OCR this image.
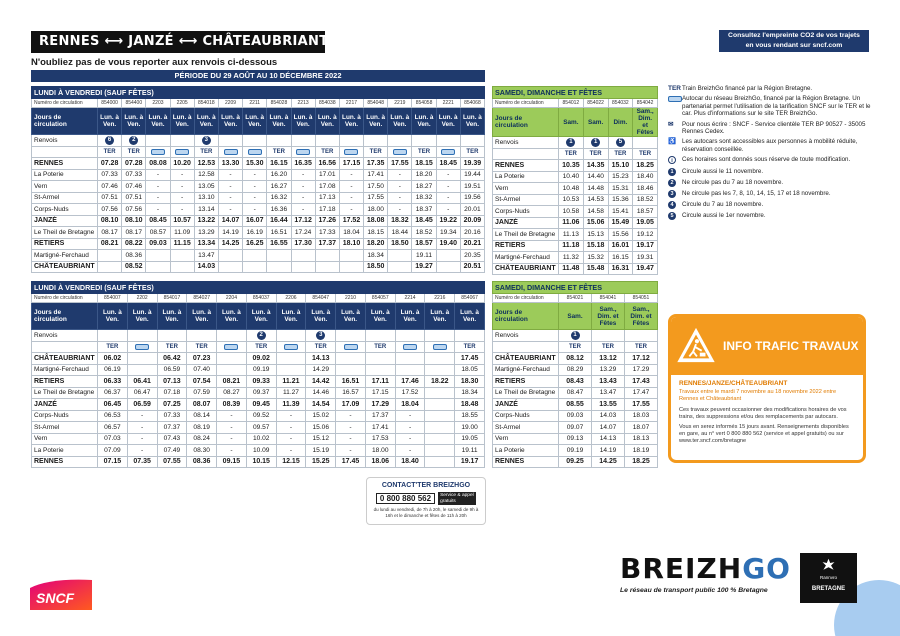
RENNES ⟷ JANZÉ ⟷ CHÂTEAUBRIANT
N'oubliez pas de vous reporter aux renvois ci-dessous
Consultez l'empreinte CO2 de vos trajets
en vous rendant sur sncf.com
PÉRIODE DU 29 AOÛT AU 10 DÉCEMBRE 2022
LUNDI À VENDREDI (SAUF FÊTES)																
Numéro de circulation	854000	854400	2203	2205	854018	2209	2211	854028	2213	854038	2217	854048	2219	854058	2221	854068
Jours de circulation	Lun. à Ven.	Lun. à Ven.	Lun. à Ven.	Lun. à Ven.	Lun. à Ven.	Lun. à Ven.	Lun. à Ven.	Lun. à Ven.	Lun. à Ven.	Lun. à Ven.	Lun. à Ven.	Lun. à Ven.	Lun. à Ven.	Lun. à Ven.	Lun. à Ven.	Lun. à Ven.
Renvois	6	2			3											
	TER	TER			TER			TER		TER		TER		TER		TER
RENNES	07.28	07.28	08.08	10.20	12.53	13.30	15.30	16.15	16.35	16.56	17.15	17.35	17.55	18.15	18.45	19.39
La Poterie	07.33	07.33	-	-	12.58	-	-	16.20	-	17.01	-	17.41	-	18.20	-	19.44
Vern	07.46	07.46	-	-	13.05	-	-	16.27	-	17.08	-	17.50	-	18.27	-	19.51
St-Armel	07.51	07.51	-	-	13.10	-	-	16.32	-	17.13	-	17.55	-	18.32	-	19.56
Corps-Nuds	07.56	07.56	-	-	13.14	-	-	16.36	-	17.18	-	18.00	-	18.37	-	20.01
JANZÉ	08.10	08.10	08.45	10.57	13.22	14.07	16.07	16.44	17.12	17.26	17.52	18.08	18.32	18.45	19.22	20.09
Le Theil de Bretagne	08.17	08.17	08.57	11.09	13.29	14.19	16.19	16.51	17.24	17.33	18.04	18.15	18.44	18.52	19.34	20.16
RETIERS	08.21	08.22	09.03	11.15	13.34	14.25	16.25	16.55	17.30	17.37	18.10	18.20	18.50	18.57	19.40	20.21
Martigné-Ferchaud		08.36			13.47							18.34		19.11		20.35
CHÂTEAUBRIANT		08.52			14.03							18.50		19.27		20.51
SAMEDI, DIMANCHE ET FÊTES				
Numéro de circulation	854012	854022	854032	854042
Jours de circulation	Sam.	Sam.	Dim.	Sam., Dim. et Fêtes
Renvois	1	1	5	
	TER	TER	TER	TER
RENNES	10.35	14.35	15.10	18.25
La Poterie	10.40	14.40	15.23	18.40
Vern	10.48	14.48	15.31	18.46
St-Armel	10.53	14.53	15.36	18.52
Corps-Nuds	10.58	14.58	15.41	18.57
JANZÉ	11.06	15.06	15.49	19.05
Le Theil de Bretagne	11.13	15.13	15.56	19.12
RETIERS	11.18	15.18	16.01	19.17
Martigné-Ferchaud	11.32	15.32	16.15	19.31
CHÂTEAUBRIANT	11.48	15.48	16.31	19.47
LUNDI À VENDREDI (SAUF FÊTES)													
Numéro de circulation	854007	2202	854017	854027	2204	854037	2206	854047	2210	854057	2214	2216	854067
Jours de circulation	Lun. à Ven.	Lun. à Ven.	Lun. à Ven.	Lun. à Ven.	Lun. à Ven.	Lun. à Ven.	Lun. à Ven.	Lun. à Ven.	Lun. à Ven.	Lun. à Ven.	Lun. à Ven.	Lun. à Ven.	Lun. à Ven.
Renvois						2		3					
	TER		TER	TER		TER		TER		TER			TER
CHÂTEAUBRIANT	06.02		06.42	07.23		09.02		14.13					17.45
Martigné-Ferchaud	06.19		06.59	07.40		09.19		14.29					18.05
RETIERS	06.33	06.41	07.13	07.54	08.21	09.33	11.21	14.42	16.51	17.11	17.46	18.22	18.30
Le Theil de Bretagne	06.37	06.47	07.18	07.59	08.27	09.37	11.27	14.46	16.57	17.15	17.52		18.34
JANZÉ	06.45	06.59	07.25	08.07	08.39	09.45	11.39	14.54	17.09	17.29	18.04		18.48
Corps-Nuds	06.53	-	07.33	08.14	-	09.52	-	15.02	-	17.37	-		18.55
St-Armel	06.57	-	07.37	08.19	-	09.57	-	15.06	-	17.41	-		19.00
Vern	07.03	-	07.43	08.24	-	10.02	-	15.12	-	17.53	-		19.05
La Poterie	07.09	-	07.49	08.30	-	10.09	-	15.19	-	18.00	-		19.11
RENNES	07.15	07.35	07.55	08.36	09.15	10.15	12.15	15.25	17.45	18.06	18.40		19.17
SAMEDI, DIMANCHE ET FÊTES			
Numéro de circulation	854021	854041	854051
Jours de circulation	Sam.	Sam., Dim. et Fêtes	Sam., Dim. et Fêtes
Renvois	1		
	TER	TER	TER
CHÂTEAUBRIANT	08.12	13.12	17.12
Martigné-Ferchaud	08.29	13.29	17.29
RETIERS	08.43	13.43	17.43
Le Theil de Bretagne	08.47	13.47	17.47
JANZÉ	08.55	13.55	17.55
Corps-Nuds	09.03	14.03	18.03
St-Armel	09.07	14.07	18.07
Vern	09.13	14.13	18.13
La Poterie	09.19	14.19	18.19
RENNES	09.25	14.25	18.25
TER Train BreizhGo financé par la Région Bretagne.
Autocar du réseau BreizhGo, financé par la Région Bretagne. Un partenariat permet l'utilisation de la tarification SNCF sur le TER et le car. Plus d'informations sur le site TER BreizhGo.
✉	Pour nous écrire : SNCF - Service clientèle TER BP 90527 - 35005 Rennes Cedex.
♿ Les autocars sont accessibles aux personnes à mobilité réduite, réservation conseillée.
i	Ces horaires sont donnés sous réserve de toute modification.
1	Circule aussi le 11 novembre.
2	Ne circule pas du 7 au 18 novembre.
3	Ne circule pas les 7, 8, 10, 14, 15, 17 et 18 novembre.
4	Circule du 7 au 18 novembre.
5	Circule aussi le 1er novembre.
INFO TRAFIC TRAVAUX
RENNES/JANZE/CHÂTEAUBRIANT
Travaux entre le mardi 7 novembre au 18 novembre 2022 entre Rennes et Châteaubriant
Ces travaux peuvent occasionner des modifications horaires de vos trains, des suppressions et/ou des remplacements par autocars.
Vous en serez informés 15 jours avant. Renseignements disponibles en gare, au n° vert 0 800 880 562 (service et appel gratuits) ou sur www.ter.sncf.com/bretagne
CONTACT'TER BREIZHGO
0 800 880 562	Service & appel gratuits
du lundi au vendredi, de 7h à 20h, le samedi de 9h à 16h et le dimanche et fêtes de 11h à 20h
SNCF
BREIZHGO
Le réseau de transport public 100 % Bretagne
Rannvro
BRETAGNE
